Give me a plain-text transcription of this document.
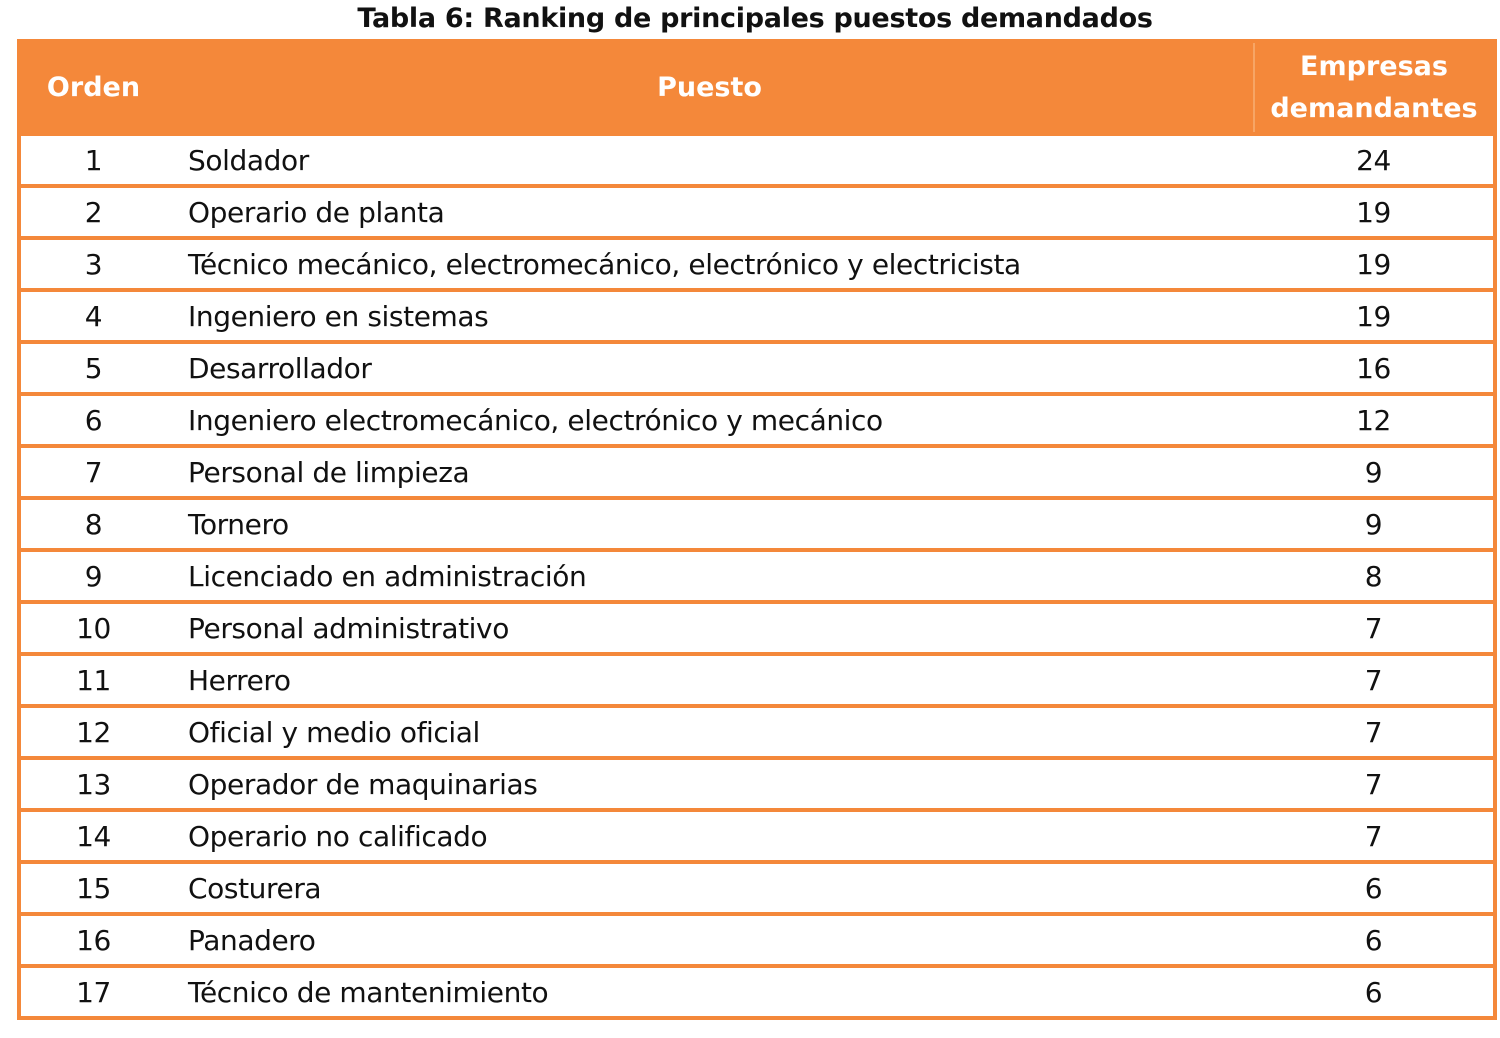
Tabla 6: Ranking de principales puestos demandados
Orden	Puesto	Empresas
demandantes
1	Soldador	24
2	Operario de planta	19
3	Técnico mecánico, electromecánico, electrónico y electricista	19
4	Ingeniero en sistemas	19
5	Desarrollador	16
6	Ingeniero electromecánico, electrónico y mecánico	12
7	Personal de limpieza	9
8	Tornero	9
9	Licenciado en administración	8
10	Personal administrativo	7
11	Herrero	7
12	Oficial y medio oficial	7
13	Operador de maquinarias	7
14	Operario no calificado	7
15	Costurera	6
16	Panadero	6
17	Técnico de mantenimiento	6
